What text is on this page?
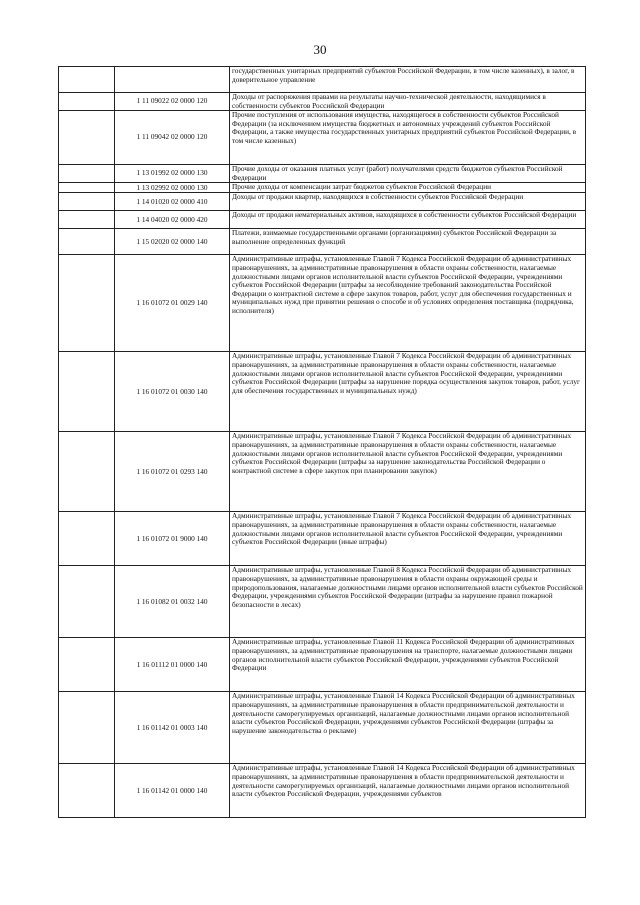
30
		государственных унитарных предприятий субъектов Российской Федерации, в том числе казенных), в залог, в доверительное управление
	1 11 09022 02 0000 120	Доходы от распоряжения правами на результаты научно-технической деятельности, находящимися в собственности субъектов Российской Федерации
	1 11 09042 02 0000 120	Прочие поступления от использования имущества, находящегося в собственности субъектов Российской Федерации (за исключением имущества бюджетных и автономных учреждений субъектов Российской Федерации, а также имущества государственных унитарных предприятий субъектов Российской Федерации, в том числе казенных)
	1 13 01992 02 0000 130	Прочие доходы от оказания платных услуг (работ) получателями средств бюджетов субъектов Российской Федерации
	1 13 02992 02 0000 130	Прочие доходы от компенсации затрат бюджетов субъектов Российской Федерации
	1 14 01020 02 0000 410	Доходы от продажи квартир, находящихся в собственности субъектов Российской Федерации
	1 14 04020 02 0000 420	Доходы от продажи нематериальных активов, находящихся в собственности субъектов Российской Федерации
	1 15 02020 02 0000 140	Платежи, взимаемые государственными органами (организациями) субъектов Российской Федерации за выполнение определенных функций
	1 16 01072 01 0029 140	Административные штрафы, установленные Главой 7 Кодекса Российской Федерации об административных правонарушениях, за административные правонарушения в области охраны собственности, налагаемые должностными лицами органов исполнительной власти субъектов Российской Федерации, учреждениями субъектов Российской Федерации (штрафы за несоблюдение требований законодательства Российской Федерации о контрактной системе в сфере закупок товаров, работ, услуг для обеспечения государственных и муниципальных нужд при принятии решения о способе и об условиях определения поставщика (подрядчика, исполнителя)
	1 16 01072 01 0030 140	Административные штрафы, установленные Главой 7 Кодекса Российской Федерации об административных правонарушениях, за административные правонарушения в области охраны собственности, налагаемые должностными лицами органов исполнительной власти субъектов Российской Федерации, учреждениями субъектов Российской Федерации (штрафы за нарушение порядка осуществления закупок товаров, работ, услуг для обеспечения государственных и муниципальных нужд)
	1 16 01072 01 0293 140	Административные штрафы, установленные Главой 7 Кодекса Российской Федерации об административных правонарушениях, за административные правонарушения в области охраны собственности, налагаемые должностными лицами органов исполнительной власти субъектов Российской Федерации, учреждениями субъектов Российской Федерации (штрафы за нарушение законодательства Российской Федерации о контрактной системе в сфере закупок при планировании закупок)
	1 16 01072 01 9000 140	Административные штрафы, установленные Главой 7 Кодекса Российской Федерации об административных правонарушениях, за административные правонарушения в области охраны собственности, налагаемые должностными лицами органов исполнительной власти субъектов Российской Федерации, учреждениями субъектов Российской Федерации (иные штрафы)
	1 16 01082 01 0032 140	Административные штрафы, установленные Главой 8 Кодекса Российской Федерации об административных правонарушениях, за административные правонарушения в области охраны окружающей среды и природопользования, налагаемые должностными лицами органов исполнительной власти субъектов Российской Федерации, учреждениями субъектов Российской Федерации (штрафы за нарушение правил пожарной безопасности в лесах)
	1 16 01112 01 0000 140	Административные штрафы, установленные Главой 11 Кодекса Российской Федерации об административных правонарушениях, за административные правонарушения на транспорте, налагаемые должностными лицами органов исполнительной власти субъектов Российской Федерации, учреждениями субъектов Российской Федерации
	1 16 01142 01 0003 140	Административные штрафы, установленные Главой 14 Кодекса Российской Федерации об административных правонарушениях, за административные правонарушения в области предпринимательской деятельности и деятельности саморегулируемых организаций, налагаемые должностными лицами органов исполнительной власти субъектов Российской Федерации, учреждениями субъектов Российской Федерации (штрафы за нарушение законодательства о рекламе)
	1 16 01142 01 0000 140	Административные штрафы, установленные Главой 14 Кодекса Российской Федерации об административных правонарушениях, за административные правонарушения в области предпринимательской деятельности и деятельности саморегулируемых организаций, налагаемые должностными лицами органов исполнительной власти субъектов Российской Федерации, учреждениями субъектов
